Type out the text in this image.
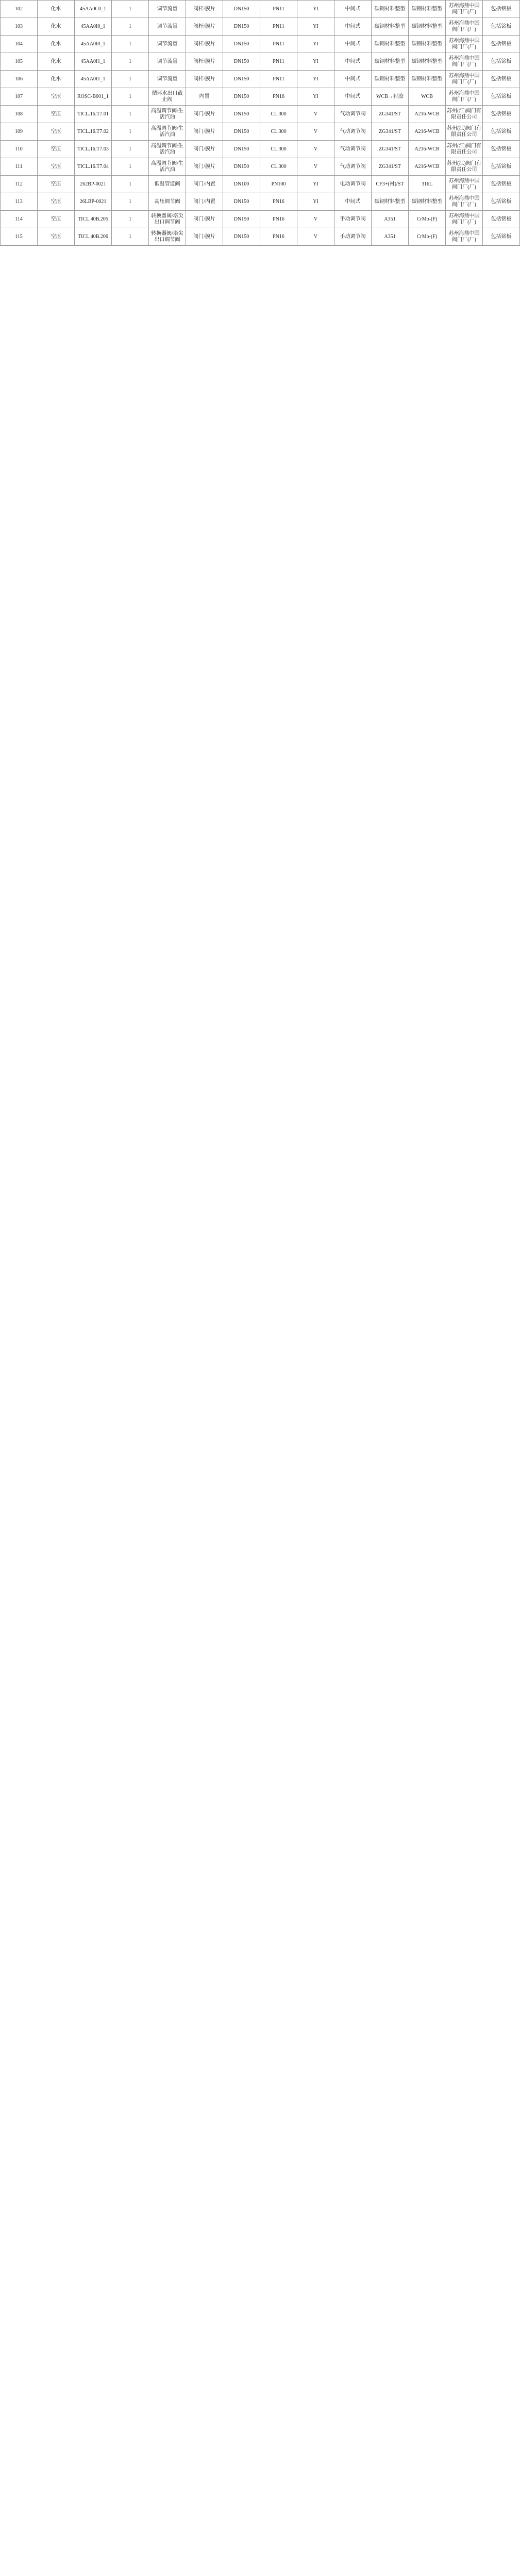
102	化水	45AA0C0_1	1	调节流量	阀杆/膜片	DN150	PN11	YI	中间式	碳钢材料整型	碳钢材料整型	苏州海鼎中国阀门厂(厂)	包括铭板
103	化水	45AA0I0_1	1	调节流量	阀杆/膜片	DN150	PN11	YI	中间式	碳钢材料整型	碳钢材料整型	苏州海鼎中国阀门厂(厂)	包括铭板
104	化水	45AA0I0_1	1	调节流量	阀杆/膜片	DN150	PN11	YI	中间式	碳钢材料整型	碳钢材料整型	苏州海鼎中国阀门厂(厂)	包括铭板
105	化水	45AA0I1_1	1	调节流量	阀杆/膜片	DN150	PN11	YI	中间式	碳钢材料整型	碳钢材料整型	苏州海鼎中国阀门厂(厂)	包括铭板
106	化水	45AA0I1_1	1	调节流量	阀杆/膜片	DN150	PN11	YI	中间式	碳钢材料整型	碳钢材料整型	苏州海鼎中国阀门厂(厂)	包括铭板
107	空压	ROSC-B001_1	1	循环水出口截止阀	内置	DN150	PN16	YI	中间式	WCB→衬胶	WCB	苏州海鼎中国阀门厂(厂)	包括铭板
108	空压	TICL.16.T7.01	1	高温调节阀/生活汽油	阀门/膜片	DN150	CL.300	V	气动调节阀	ZG341/ST	A216-WCB	苏州(江)阀门有限责任公司	包括铭板
109	空压	TICL.16.T7.02	1	高温调节阀/生活汽油	阀门/膜片	DN150	CL.300	V	气动调节阀	ZG341/ST	A216-WCB	苏州(江)阀门有限责任公司	包括铭板
110	空压	TICL.16.T7.03	1	高温调节阀/生活汽油	阀门/膜片	DN150	CL.300	V	气动调节阀	ZG341/ST	A216-WCB	苏州(江)阀门有限责任公司	包括铭板
111	空压	TICL.16.T7.04	1	高温调节阀/生活汽油	阀门/膜片	DN150	CL.300	V	气动调节阀	ZG341/ST	A216-WCB	苏州(江)阀门有限责任公司	包括铭板
112	空压	262BP-0021	1	低温管道阀	阀门/内置	DN100	PN100	YI	电动调节阀	CF3+(衬)/ST	316L	苏州海鼎中国阀门厂(厂)	包括铭板
113	空压	26LBP-0021	1	高压调节阀	阀门/内置	DN150	PN16	YI	中间式	碳钢材料整型	碳钢材料整型	苏州海鼎中国阀门厂(厂)	包括铭板
114	空压	TICL.40B.205	1	转换器阀/塔尖出口调节阀	阀门/膜片	DN150	PN16	V	手动调节阀	A351	CrMo-(F)	苏州海鼎中国阀门厂(厂)	包括铭板
115	空压	TICL.40B.206	1	转换器阀/塔尖出口调节阀	阀门/膜片	DN150	PN16	V	手动调节阀	A351	CrMo-(F)	苏州海鼎中国阀门厂(厂)	包括铭板
